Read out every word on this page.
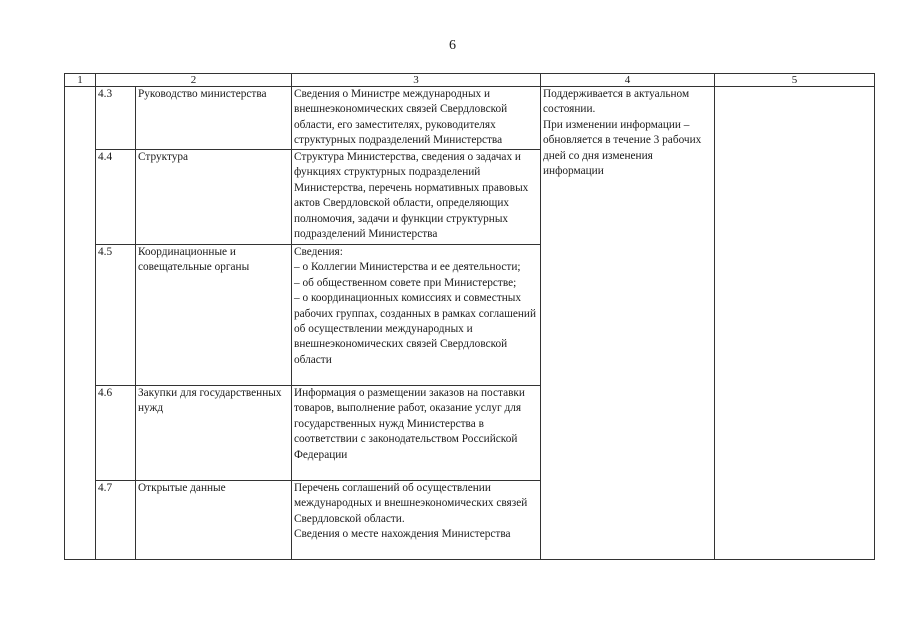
6
1	2		3	4	5
	4.3	Руководство министерства	Сведения о Министре международных и внешнеэкономических связей Свердловской области, его заместителях, руководителях структурных подразделений Министерства	Поддерживается в актуальном состоянии.
При изменении информации – обновляется в течение 3 рабочих дней со дня изменения информации	
	4.4	Структура	Структура Министерства, сведения о задачах и функциях структурных подразделений Министерства, перечень нормативных правовых актов Свердловской области, определяющих полномочия, задачи и функции структурных подразделений Министерства		
	4.5	Координационные и совещательные органы	Сведения:
– о Коллегии Министерства и ее деятельности;
– об общественном совете при Министерстве;
– о координационных комиссиях и совместных рабочих группах, созданных в рамках соглашений об осуществлении международных и внешнеэкономических связей Свердловской области		
	4.6	Закупки для государственных нужд	Информация о размещении заказов на поставки товаров, выполнение работ, оказание услуг для государственных нужд Министерства в соответствии с законодательством Российской Федерации		
	4.7	Открытые данные	Перечень соглашений об осуществлении международных и внешнеэкономических связей Свердловской области.
Сведения о месте нахождения Министерства		
